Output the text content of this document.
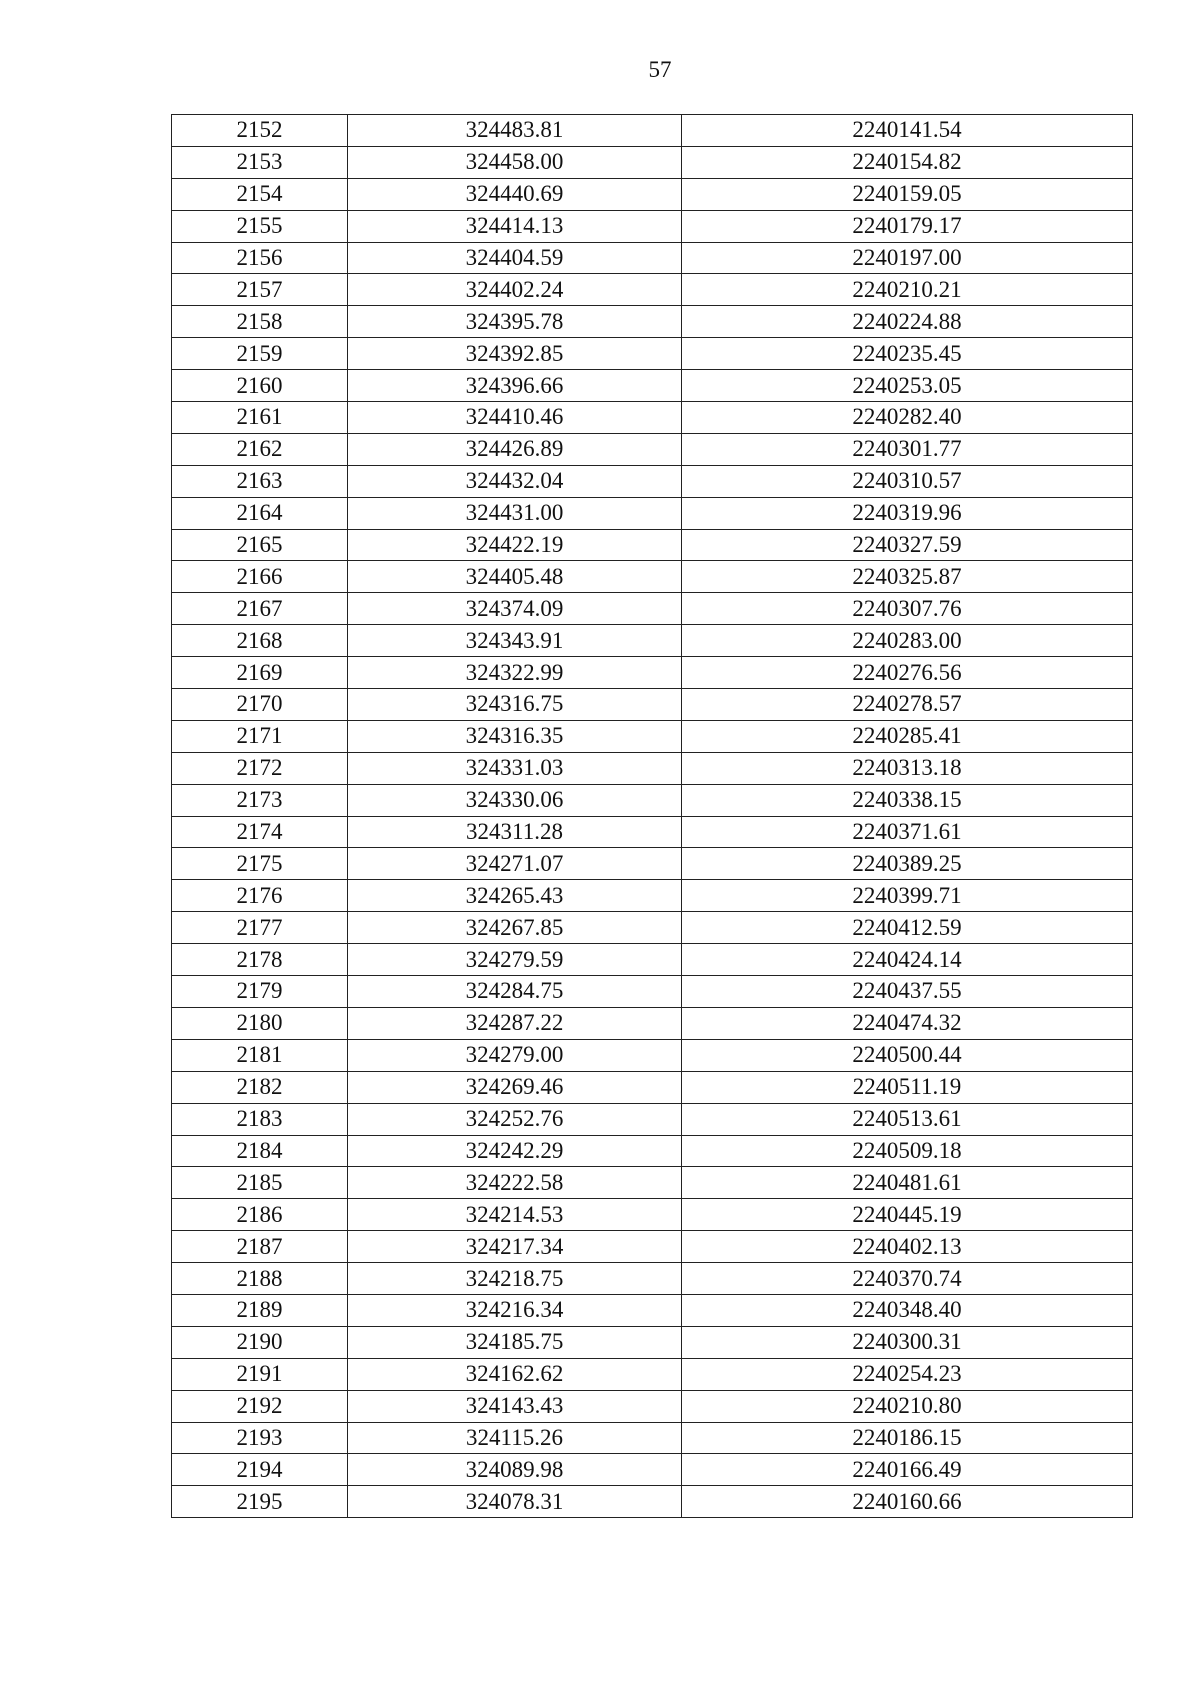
57
2152	324483.81	2240141.54
2153	324458.00	2240154.82
2154	324440.69	2240159.05
2155	324414.13	2240179.17
2156	324404.59	2240197.00
2157	324402.24	2240210.21
2158	324395.78	2240224.88
2159	324392.85	2240235.45
2160	324396.66	2240253.05
2161	324410.46	2240282.40
2162	324426.89	2240301.77
2163	324432.04	2240310.57
2164	324431.00	2240319.96
2165	324422.19	2240327.59
2166	324405.48	2240325.87
2167	324374.09	2240307.76
2168	324343.91	2240283.00
2169	324322.99	2240276.56
2170	324316.75	2240278.57
2171	324316.35	2240285.41
2172	324331.03	2240313.18
2173	324330.06	2240338.15
2174	324311.28	2240371.61
2175	324271.07	2240389.25
2176	324265.43	2240399.71
2177	324267.85	2240412.59
2178	324279.59	2240424.14
2179	324284.75	2240437.55
2180	324287.22	2240474.32
2181	324279.00	2240500.44
2182	324269.46	2240511.19
2183	324252.76	2240513.61
2184	324242.29	2240509.18
2185	324222.58	2240481.61
2186	324214.53	2240445.19
2187	324217.34	2240402.13
2188	324218.75	2240370.74
2189	324216.34	2240348.40
2190	324185.75	2240300.31
2191	324162.62	2240254.23
2192	324143.43	2240210.80
2193	324115.26	2240186.15
2194	324089.98	2240166.49
2195	324078.31	2240160.66
